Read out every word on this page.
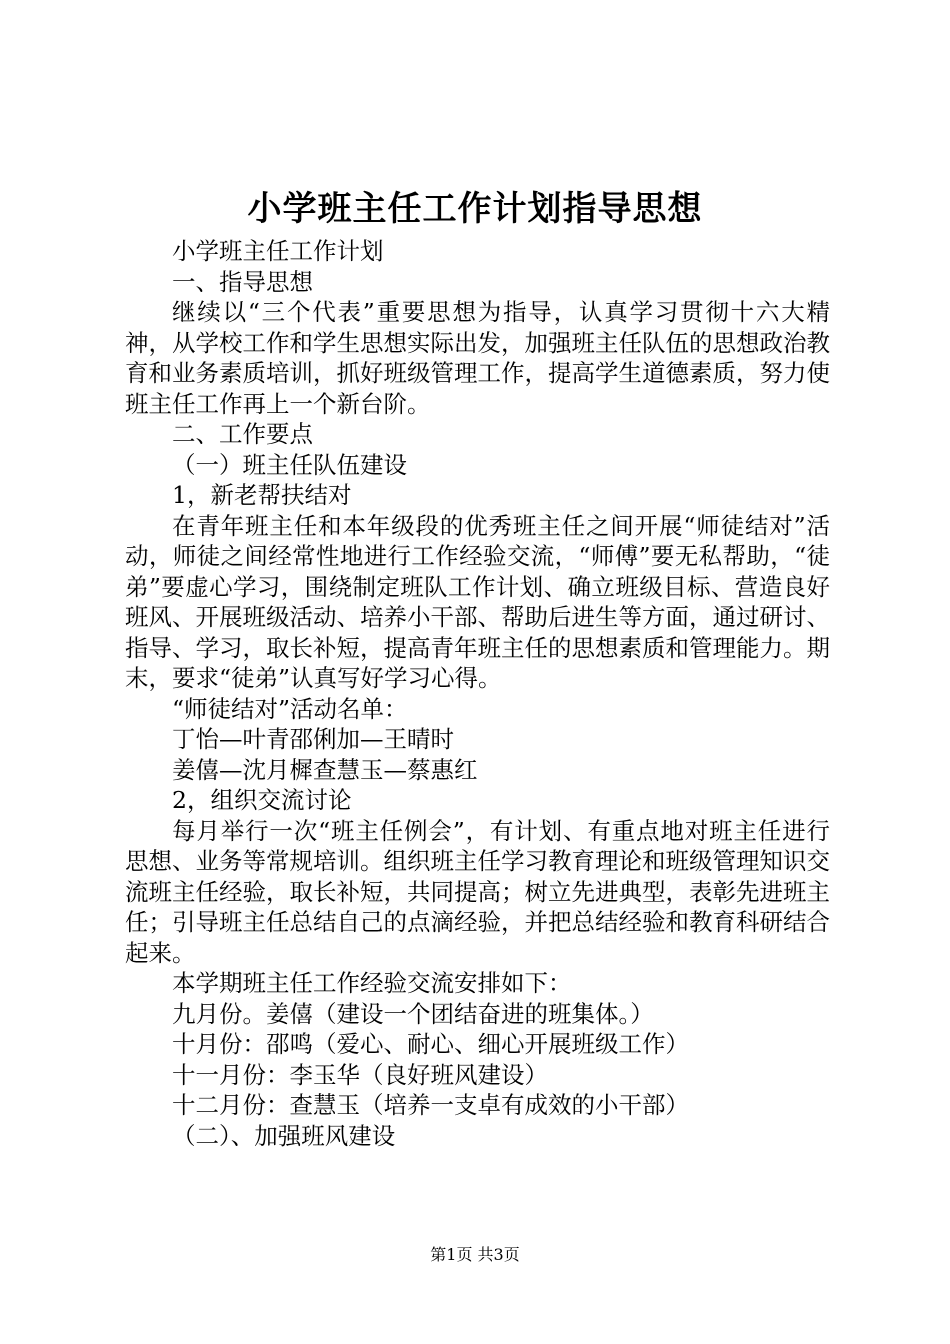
小学班主任工作计划指导思想

小学班主任工作计划

一、指导思想

继续以“三个代表”重要思想为指导，认真学习贯彻十六大精神，从学校工作和学生思想实际出发，加强班主任队伍的思想政治教育和业务素质培训，抓好班级管理工作，提高学生道德素质，努力使班主任工作再上一个新台阶。

二、工作要点

（一）班主任队伍建设

1，新老帮扶结对

在青年班主任和本年级段的优秀班主任之间开展“师徒结对”活动，师徒之间经常性地进行工作经验交流，“师傅”要无私帮助，“徒弟”要虚心学习，围绕制定班队工作计划、确立班级目标、营造良好班风、开展班级活动、培养小干部、帮助后进生等方面，通过研讨、指导、学习，取长补短，提高青年班主任的思想素质和管理能力。期末，要求“徒弟”认真写好学习心得。

“师徒结对”活动名单：

丁怡—叶青邵俐加—王晴时

姜僖—沈月樨查慧玉—蔡惠红

2，组织交流讨论

每月举行一次“班主任例会”，有计划、有重点地对班主任进行思想、业务等常规培训。组织班主任学习教育理论和班级管理知识交流班主任经验，取长补短，共同提高；树立先进典型，表彰先进班主任；引导班主任总结自己的点滴经验，并把总结经验和教育科研结合起来。

本学期班主任工作经验交流安排如下：

九月份。姜僖（建设一个团结奋进的班集体。）

十月份：邵鸣（爱心、耐心、细心开展班级工作）

十一月份：李玉华（良好班风建设）

十二月份：查慧玉（培养一支卓有成效的小干部）

（二）、加强班风建设

第1页 共3页
